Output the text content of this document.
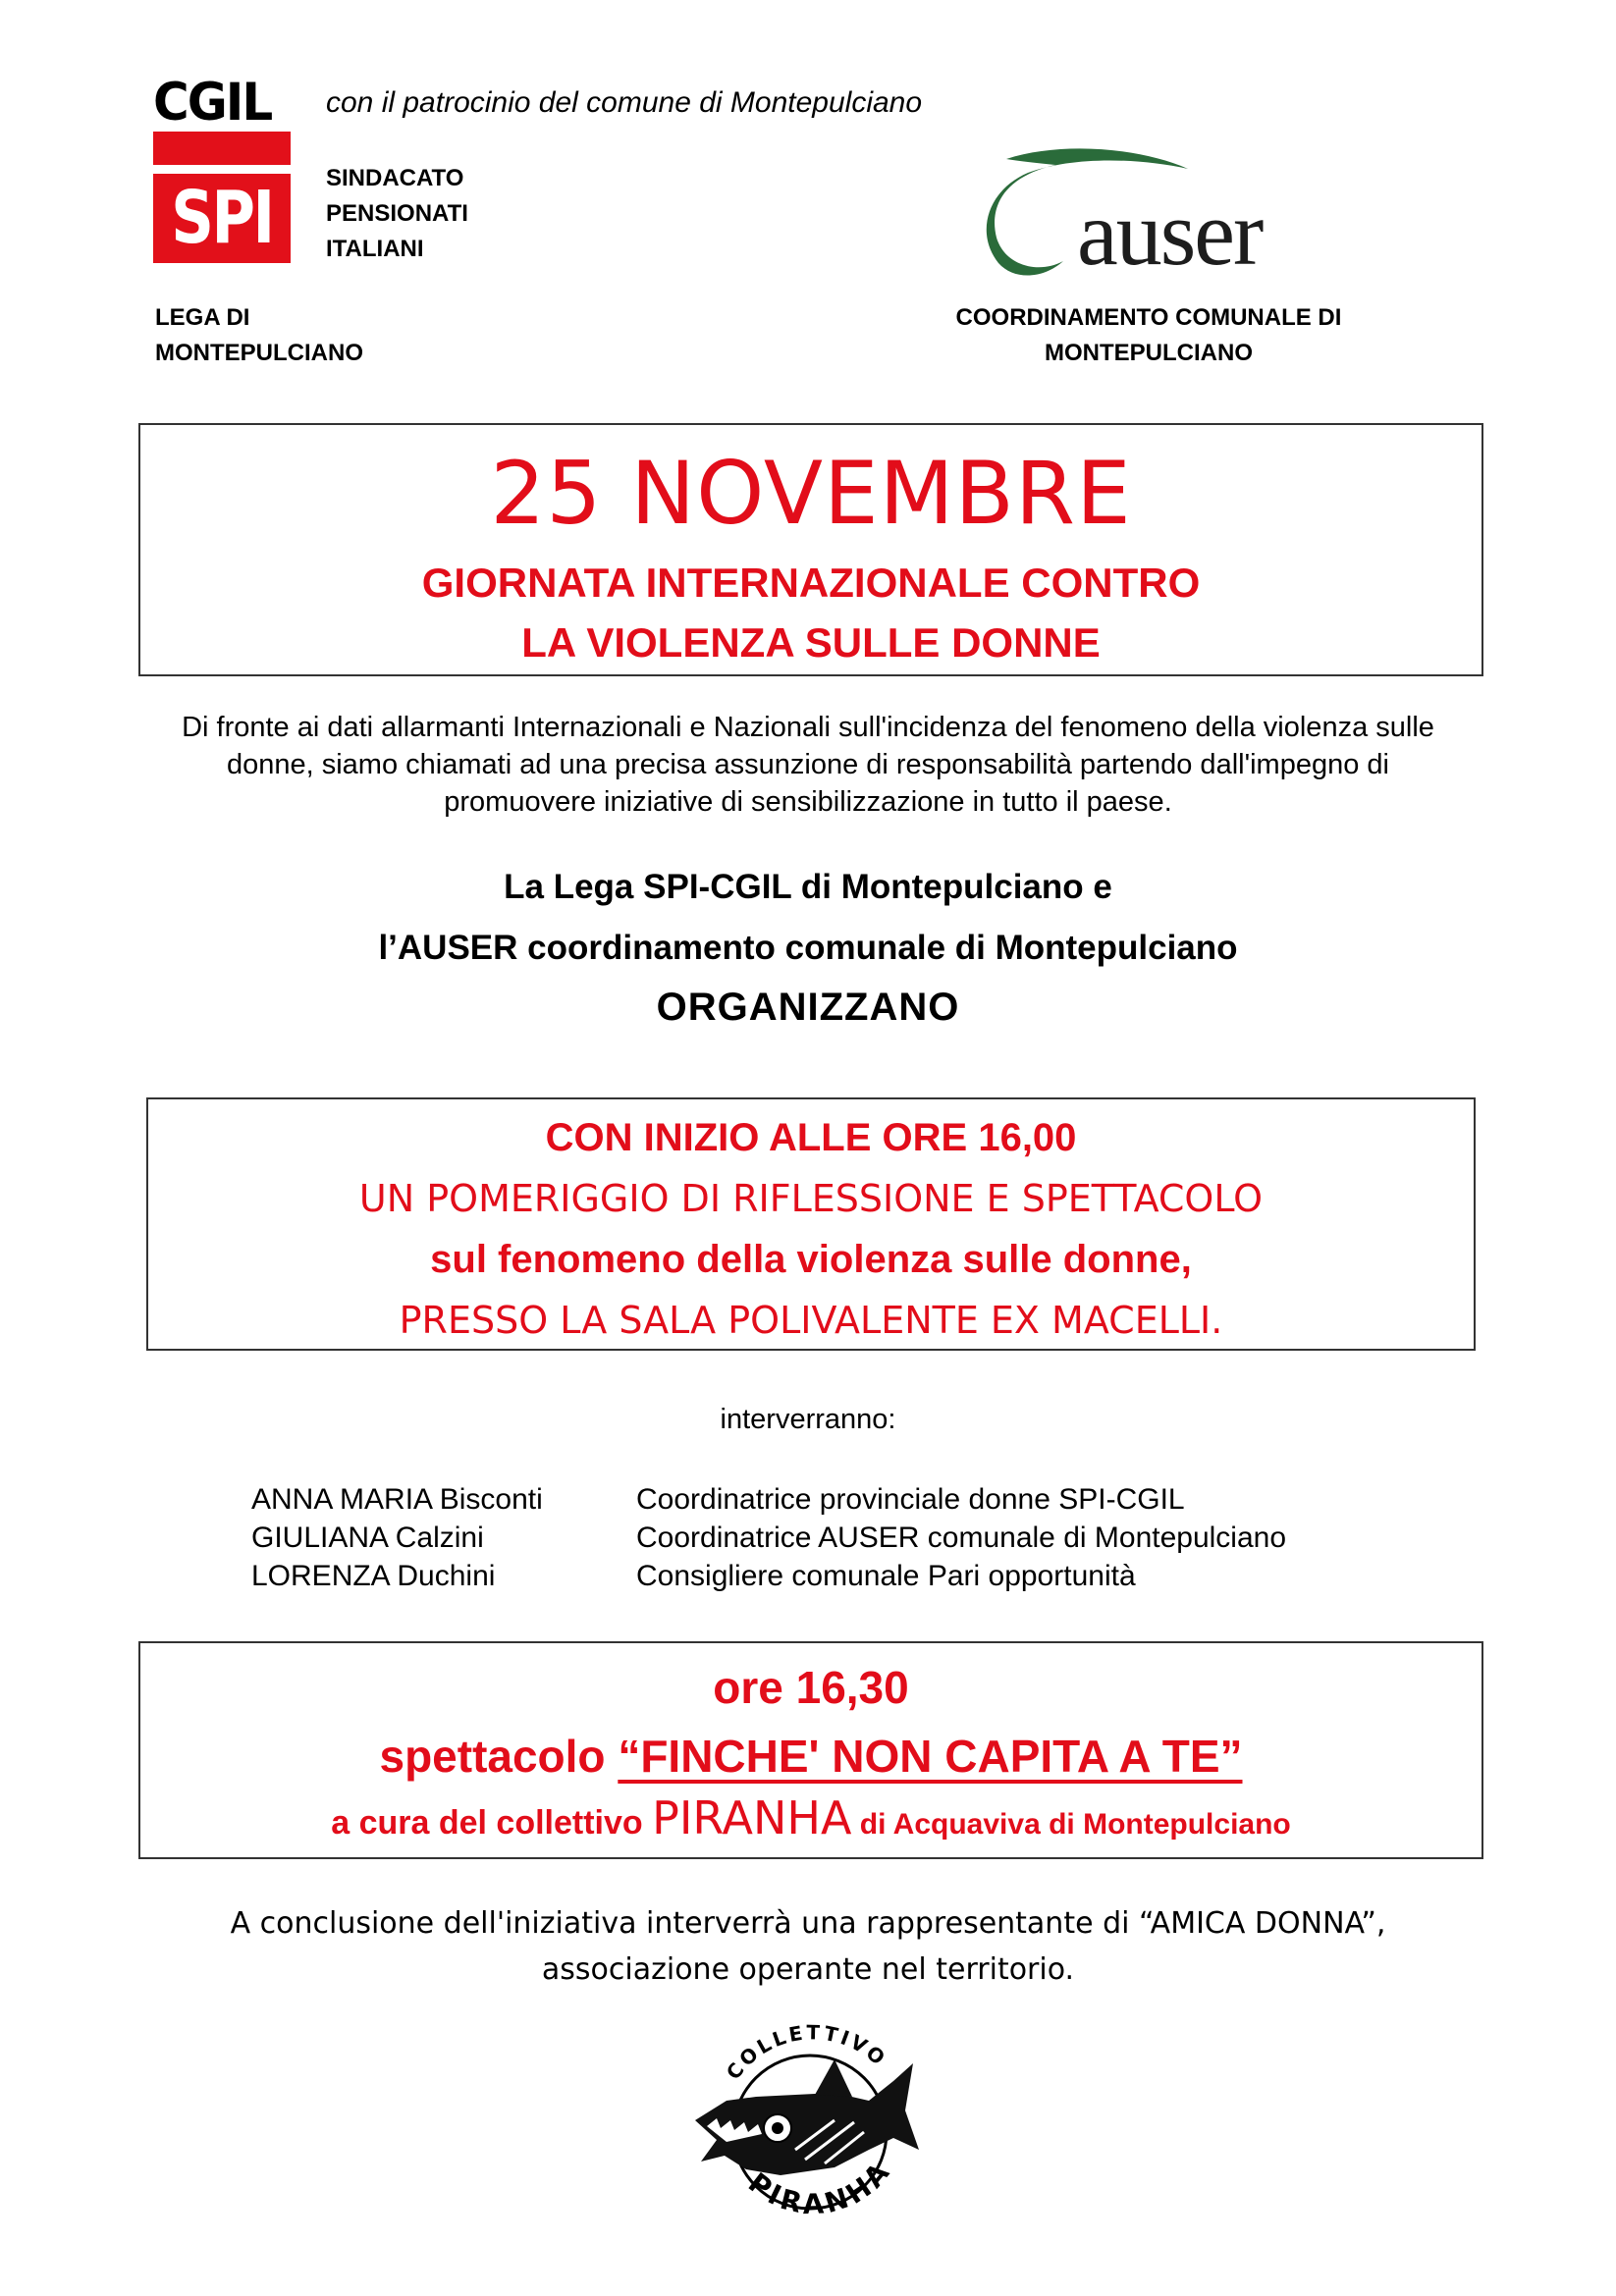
CGIL
SPI
con il patrocinio del comune di Montepulciano
SINDACATO
PENSIONATI
ITALIANI
LEGA DI
MONTEPULCIANO
auser
COORDINAMENTO COMUNALE DI
MONTEPULCIANO
25 NOVEMBRE
GIORNATA INTERNAZIONALE CONTRO
LA VIOLENZA SULLE DONNE
Di fronte ai dati allarmanti Internazionali e Nazionali sull'incidenza del fenomeno della violenza sulle donne, siamo chiamati ad una precisa assunzione di responsabilità partendo dall'impegno di promuovere iniziative di sensibilizzazione in tutto il paese.
La Lega SPI-CGIL di Montepulciano e
l’AUSER coordinamento comunale di Montepulciano
ORGANIZZANO
CON INIZIO ALLE ORE 16,00
UN POMERIGGIO DI RIFLESSIONE E SPETTACOLO
sul fenomeno della violenza sulle donne,
PRESSO LA SALA POLIVALENTE EX MACELLI.
interverranno:
ANNA MARIA Bisconti	Coordinatrice provinciale donne SPI-CGIL
GIULIANA Calzini	Coordinatrice AUSER comunale di Montepulciano
LORENZA Duchini	Consigliere comunale Pari opportunità
ore 16,30
spettacolo “FINCHE' NON CAPITA A TE”
a cura del collettivo PIRANHA di Acquaviva di Montepulciano
A conclusione dell'iniziativa interverrà una rappresentante di “AMICA DONNA”,
associazione operante nel territorio.
COLLETTIVO
PIRANHA
